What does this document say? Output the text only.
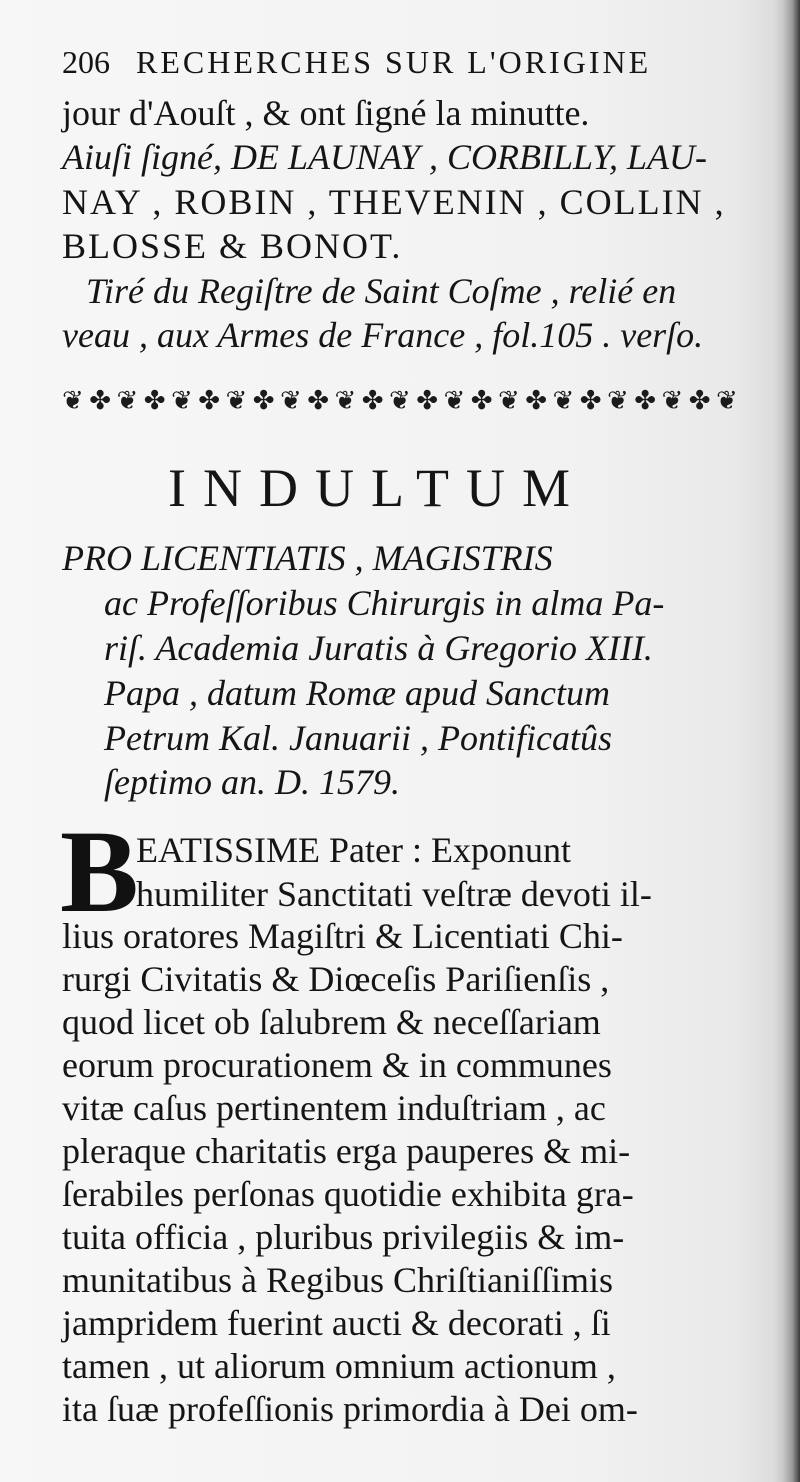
206 RECHERCHES SUR L'ORIGINE
jour d'Aouſt , & ont ſigné la minutte.
Aiuſi ſigné, DE LAUNAY , CORBILLY, LAU-
NAY , ROBIN , THEVENIN , COLLIN ,
BLOSSE & BONOT.
Tiré du Regiſtre de Saint Coſme , relié en
veau , aux Armes de France , fol.105 . verſo.
❦ ✤ ❦ ✤ ❦ ✤ ❦ ✤ ❦ ✤ ❦ ✤ ❦ ✤ ❦ ✤ ❦ ✤ ❦ ✤ ❦ ✤ ❦ ✤ ❦
INDULTUM
PRO LICENTIATIS , MAGISTRIS
ac Profeſſoribus Chirurgis in alma Pa-
riſ. Academia Juratis à Gregorio XIII.
Papa , datum Romæ apud Sanctum
Petrum Kal. Januarii , Pontificatûs
ſeptimo an. D. 1579.
B
EATISSIME Pater : Exponunt
humiliter Sanctitati veſtræ devoti il-
lius oratores Magiſtri & Licentiati Chi-
rurgi Civitatis & Diœceſis Pariſienſis ,
quod licet ob ſalubrem & neceſſariam
eorum procurationem & in communes
vitæ caſus pertinentem induſtriam , ac
pleraque charitatis erga pauperes & mi-
ſerabiles perſonas quotidie exhibita gra-
tuita officia , pluribus privilegiis & im-
munitatibus à Regibus Chriſtianiſſimis
jampridem fuerint aucti & decorati , ſi
tamen , ut aliorum omnium actionum ,
ita ſuæ profeſſionis primordia à Dei om-
